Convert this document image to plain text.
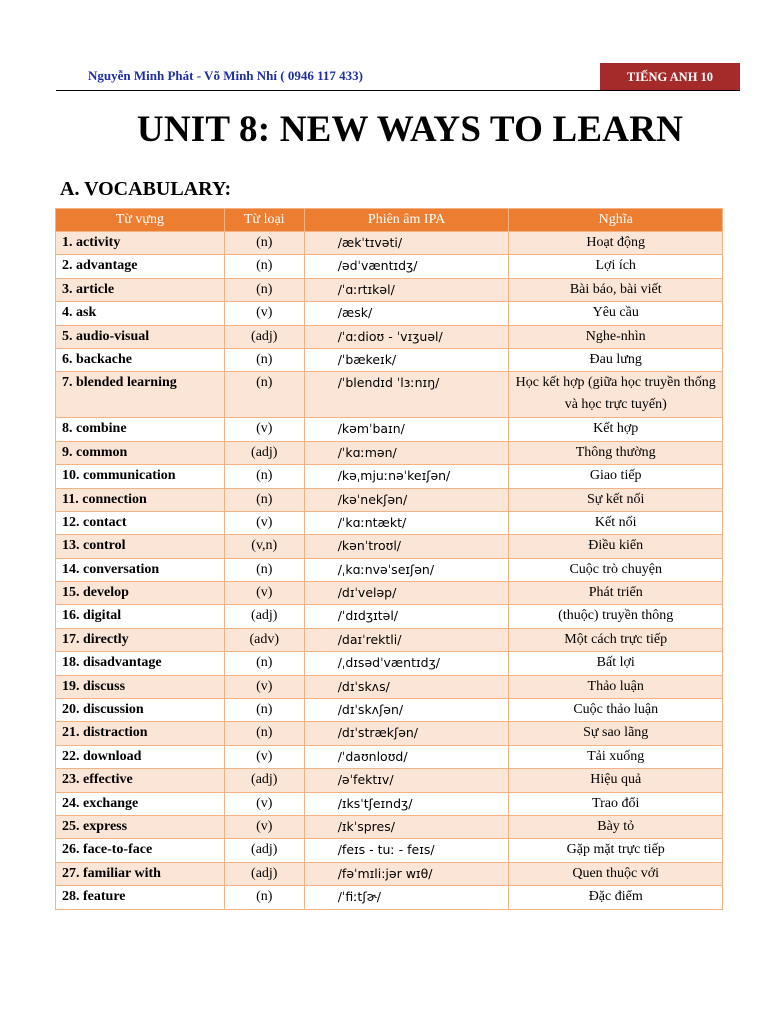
Nguyễn Minh Phát - Võ Minh Nhí ( 0946 117 433)	TIẾNG ANH 10
UNIT 8: NEW WAYS TO LEARN
A. VOCABULARY:
Từ vựng	Từ loại	Phiên âm IPA	Nghĩa
1. activity	(n)	/ækˈtɪvəti/	Hoạt động
2. advantage	(n)	/ədˈvæntɪdʒ/	Lợi ích
3. article	(n)	/ˈɑːrtɪkəl/	Bài báo, bài viết
4. ask	(v)	/æsk/	Yêu cầu
5. audio-visual	(adj)	/ˈɑːdioʊ - ˈvɪʒuəl/	Nghe-nhìn
6. backache	(n)	/ˈbækeɪk/	Đau lưng
7. blended learning	(n)	/ˈblendɪd ˈlɜːnɪŋ/	Học kết hợp (giữa học truyền thống và học trực tuyến)
8. combine	(v)	/kəmˈbaɪn/	Kết hợp
9. common	(adj)	/ˈkɑːmən/	Thông thường
10. communication	(n)	/kəˌmjuːnəˈkeɪʃən/	Giao tiếp
11. connection	(n)	/kəˈnekʃən/	Sự kết nối
12. contact	(v)	/ˈkɑːntækt/	Kết nối
13. control	(v,n)	/kənˈtroʊl/	Điều kiển
14. conversation	(n)	/ˌkɑːnvəˈseɪʃən/	Cuộc trò chuyện
15. develop	(v)	/dɪˈveləp/	Phát triển
16. digital	(adj)	/ˈdɪdʒɪtəl/	(thuộc) truyền thông
17. directly	(adv)	/daɪˈrektli/	Một cách trực tiếp
18. disadvantage	(n)	/ˌdɪsədˈvæntɪdʒ/	Bất lợi
19. discuss	(v)	/dɪˈskʌs/	Thảo luận
20. discussion	(n)	/dɪˈskʌʃən/	Cuộc thảo luận
21. distraction	(n)	/dɪˈstrækʃən/	Sự sao lãng
22. download	(v)	/ˈdaʊnloʊd/	Tải xuống
23. effective	(adj)	/əˈfektɪv/	Hiệu quả
24. exchange	(v)	/ɪksˈtʃeɪndʒ/	Trao đổi
25. express	(v)	/ɪkˈspres/	Bày tỏ
26. face-to-face	(adj)	/feɪs - tuː - feɪs/	Gặp mặt trực tiếp
27. familiar with	(adj)	/fəˈmɪli:jər wɪθ/	Quen thuộc với
28. feature	(n)	/ˈfiːtʃɚ/	Đặc điểm
